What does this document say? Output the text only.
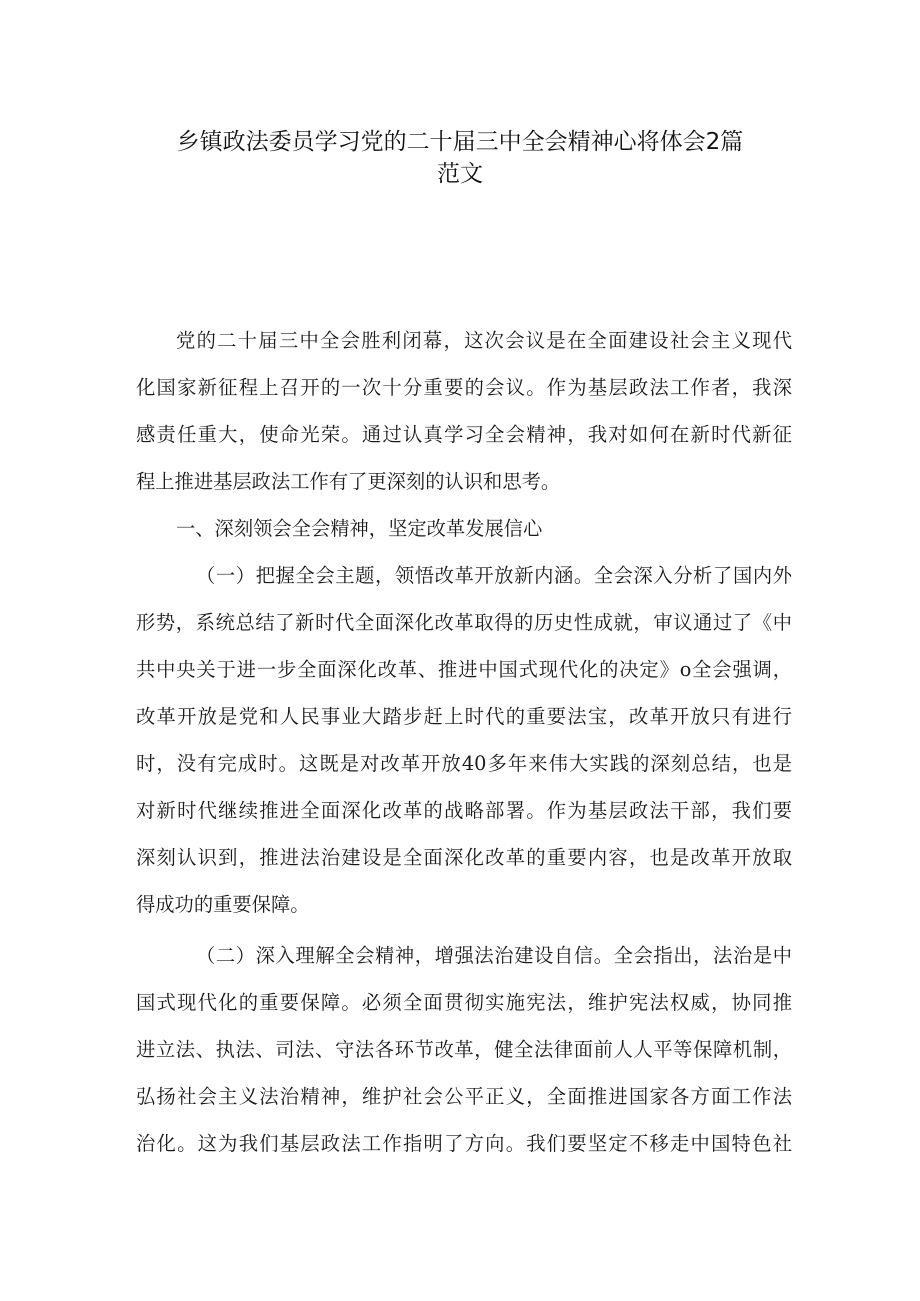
乡镇政法委员学习党的二十届三中全会精神心将体会2篇
范文
党的二十届三中全会胜利闭幕，这次会议是在全面建设社会主义现代
化国家新征程上召开的一次十分重要的会议。作为基层政法工作者，我深
感责任重大，使命光荣。通过认真学习全会精神，我对如何在新时代新征
程上推进基层政法工作有了更深刻的认识和思考。
一、深刻领会全会精神，坚定改革发展信心
（一）把握全会主题，领悟改革开放新内涵。全会深入分析了国内外
形势，系统总结了新时代全面深化改革取得的历史性成就，审议通过了《中
共中央关于进一步全面深化改革、推进中国式现代化的决定》o全会强调，
改革开放是党和人民事业大踏步赶上时代的重要法宝，改革开放只有进行
时，没有完成时。这既是对改革开放40多年来伟大实践的深刻总结，也是
对新时代继续推进全面深化改革的战略部署。作为基层政法干部，我们要
深刻认识到，推进法治建设是全面深化改革的重要内容，也是改革开放取
得成功的重要保障。
（二）深入理解全会精神，增强法治建设自信。全会指出，法治是中
国式现代化的重要保障。必须全面贯彻实施宪法，维护宪法权威，协同推
进立法、执法、司法、守法各环节改革，健全法律面前人人平等保障机制，
弘扬社会主义法治精神，维护社会公平正义，全面推进国家各方面工作法
治化。这为我们基层政法工作指明了方向。我们要坚定不移走中国特色社
